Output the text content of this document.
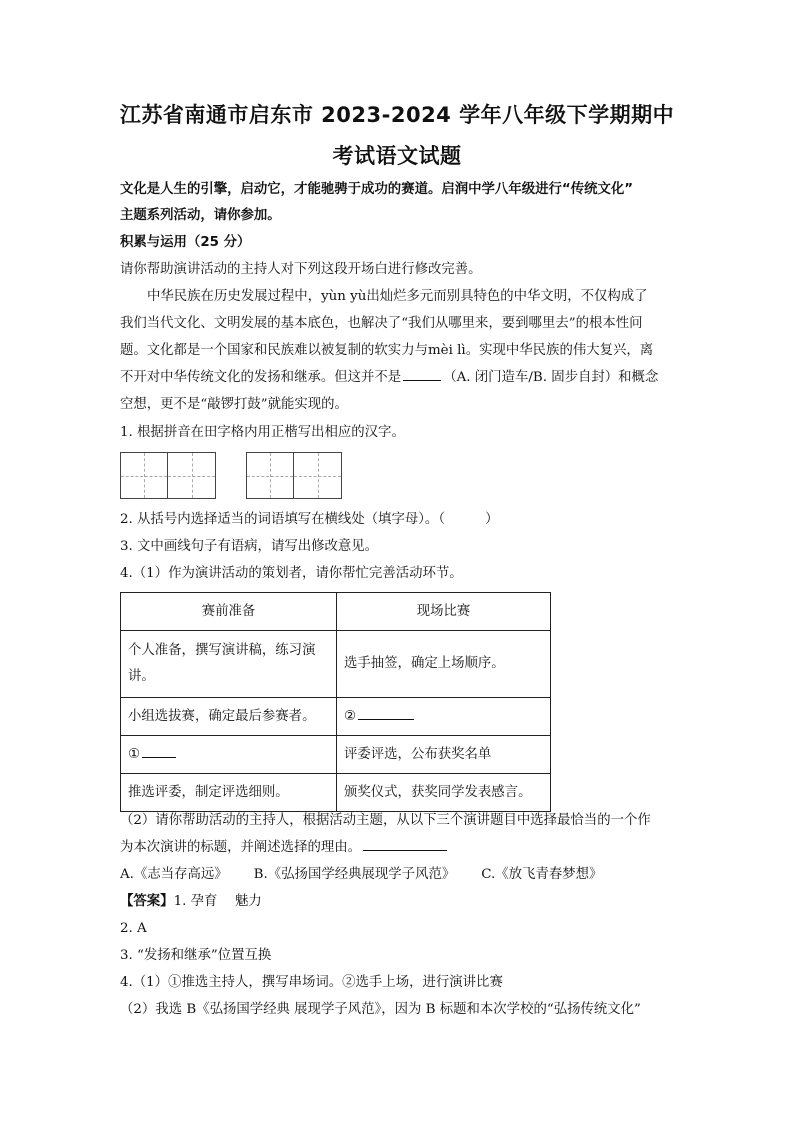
江苏省南通市启东市 2023-2024 学年八年级下学期期中
考试语文试题
文化是人生的引擎，启动它，才能驰骋于成功的赛道。启润中学八年级进行“传统文化”
主题系列活动，请你参加。
积累与运用（25 分）
请你帮助演讲活动的主持人对下列这段开场白进行修改完善。
中华民族在历史发展过程中，yùn yù出灿烂多元而别具特色的中华文明，不仅构成了
我们当代文化、文明发展的基本底色，也解决了“我们从哪里来，要到哪里去”的根本性问
题。文化都是一个国家和民族难以被复制的软实力与mèi lì。实现中华民族的伟大复兴，离
不开对中华传统文化的发扬和继承。但这并不是	（A. 闭门造车/B. 固步自封）和概念
空想，更不是“敲锣打鼓”就能实现的。
1. 根据拼音在田字格内用正楷写出相应的汉字。
2. 从括号内选择适当的词语填写在横线处（填字母）。（　　　）
3. 文中画线句子有语病，请写出修改意见。
4.（1）作为演讲活动的策划者，请你帮忙完善活动环节。
赛前准备	现场比赛
个人准备，撰写演讲稿，练习演讲。	选手抽签，确定上场顺序。
小组选拔赛，确定最后参赛者。	②
①	评委评选，公布获奖名单
推选评委，制定评选细则。	颁奖仪式，获奖同学发表感言。
（2）请你帮助活动的主持人，根据活动主题，从以下三个演讲题目中选择最恰当的一个作
为本次演讲的标题，并阐述选择的理由。
A.《志当存高远》 B.《弘扬国学经典展现学子风范》 C.《放飞青春梦想》
【答案】1. 孕育　 魅力
2. A
3. “发扬和继承”位置互换
4.（1）①推选主持人，撰写串场词。②选手上场，进行演讲比赛
（2）我选 B《弘扬国学经典 展现学子风范》，因为 B 标题和本次学校的“弘扬传统文化”
